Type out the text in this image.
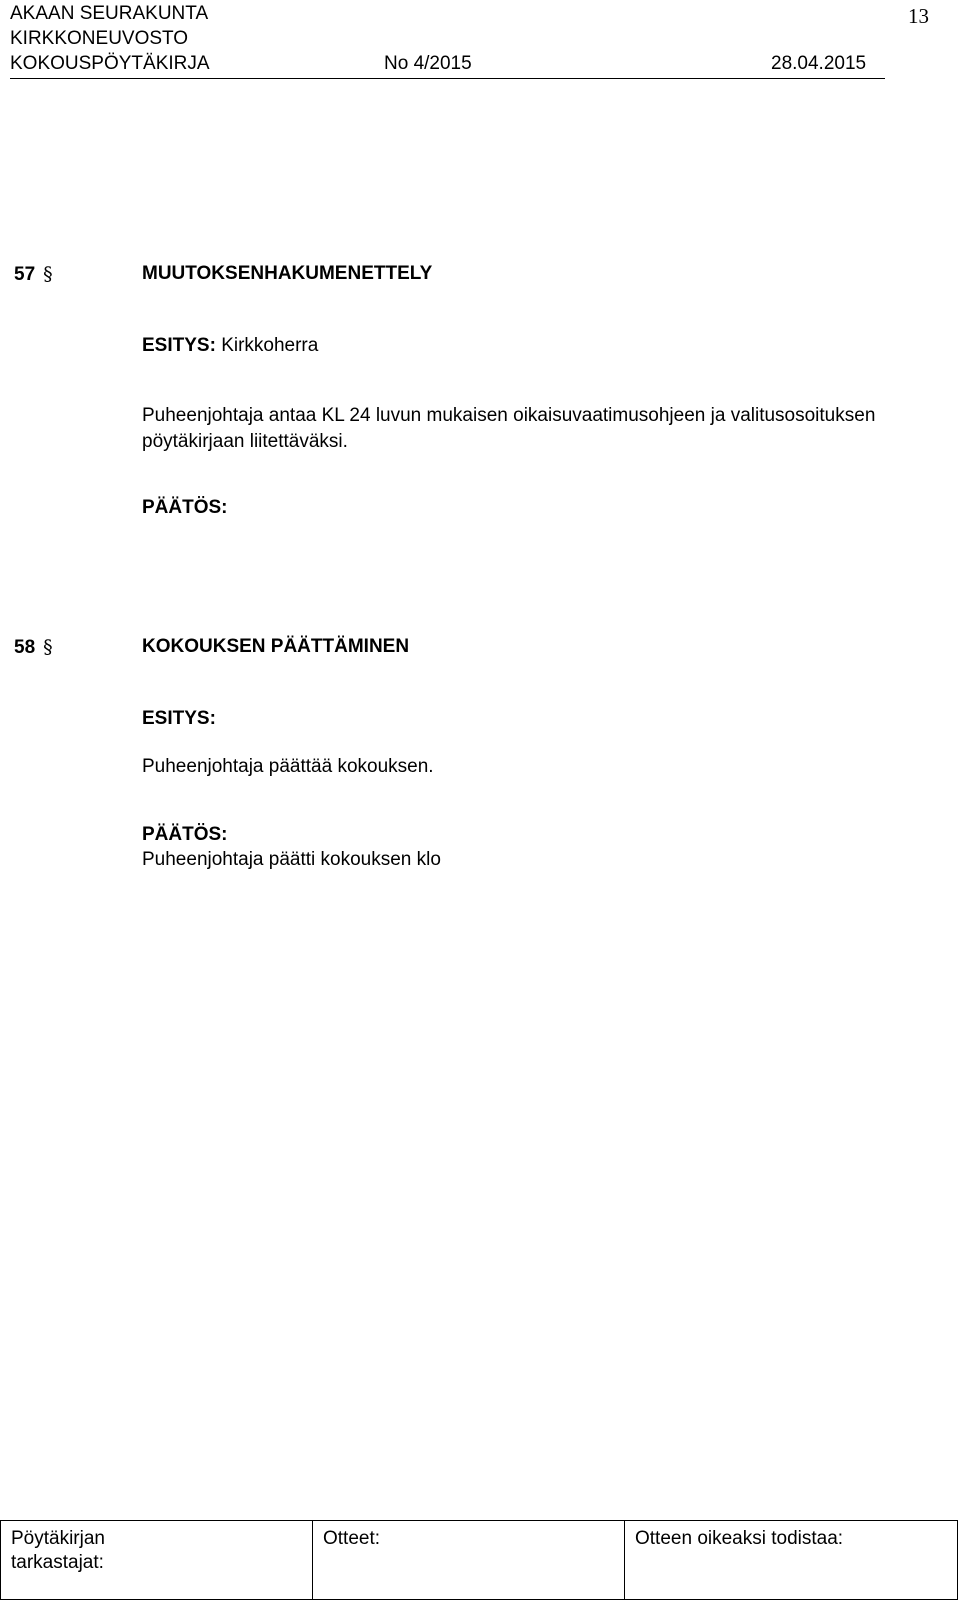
AKAAN SEURAKUNTA
KIRKKONEUVOSTO
KOKOUSPÖYTÄKIRJA	No 4/2015	28.04.2015
13
57 §	MUUTOKSENHAKUMENETTELY
ESITYS: Kirkkoherra
Puheenjohtaja antaa KL 24 luvun mukaisen oikaisuvaatimusohjeen ja valitusosoituksen
pöytäkirjaan liitettäväksi.
PÄÄTÖS:
58 §	KOKOUKSEN PÄÄTTÄMINEN
ESITYS:
Puheenjohtaja päättää kokouksen.
PÄÄTÖS:
Puheenjohtaja päätti kokouksen klo
Pöytäkirjan
tarkastajat:
Otteet:	Otteen oikeaksi todistaa:
